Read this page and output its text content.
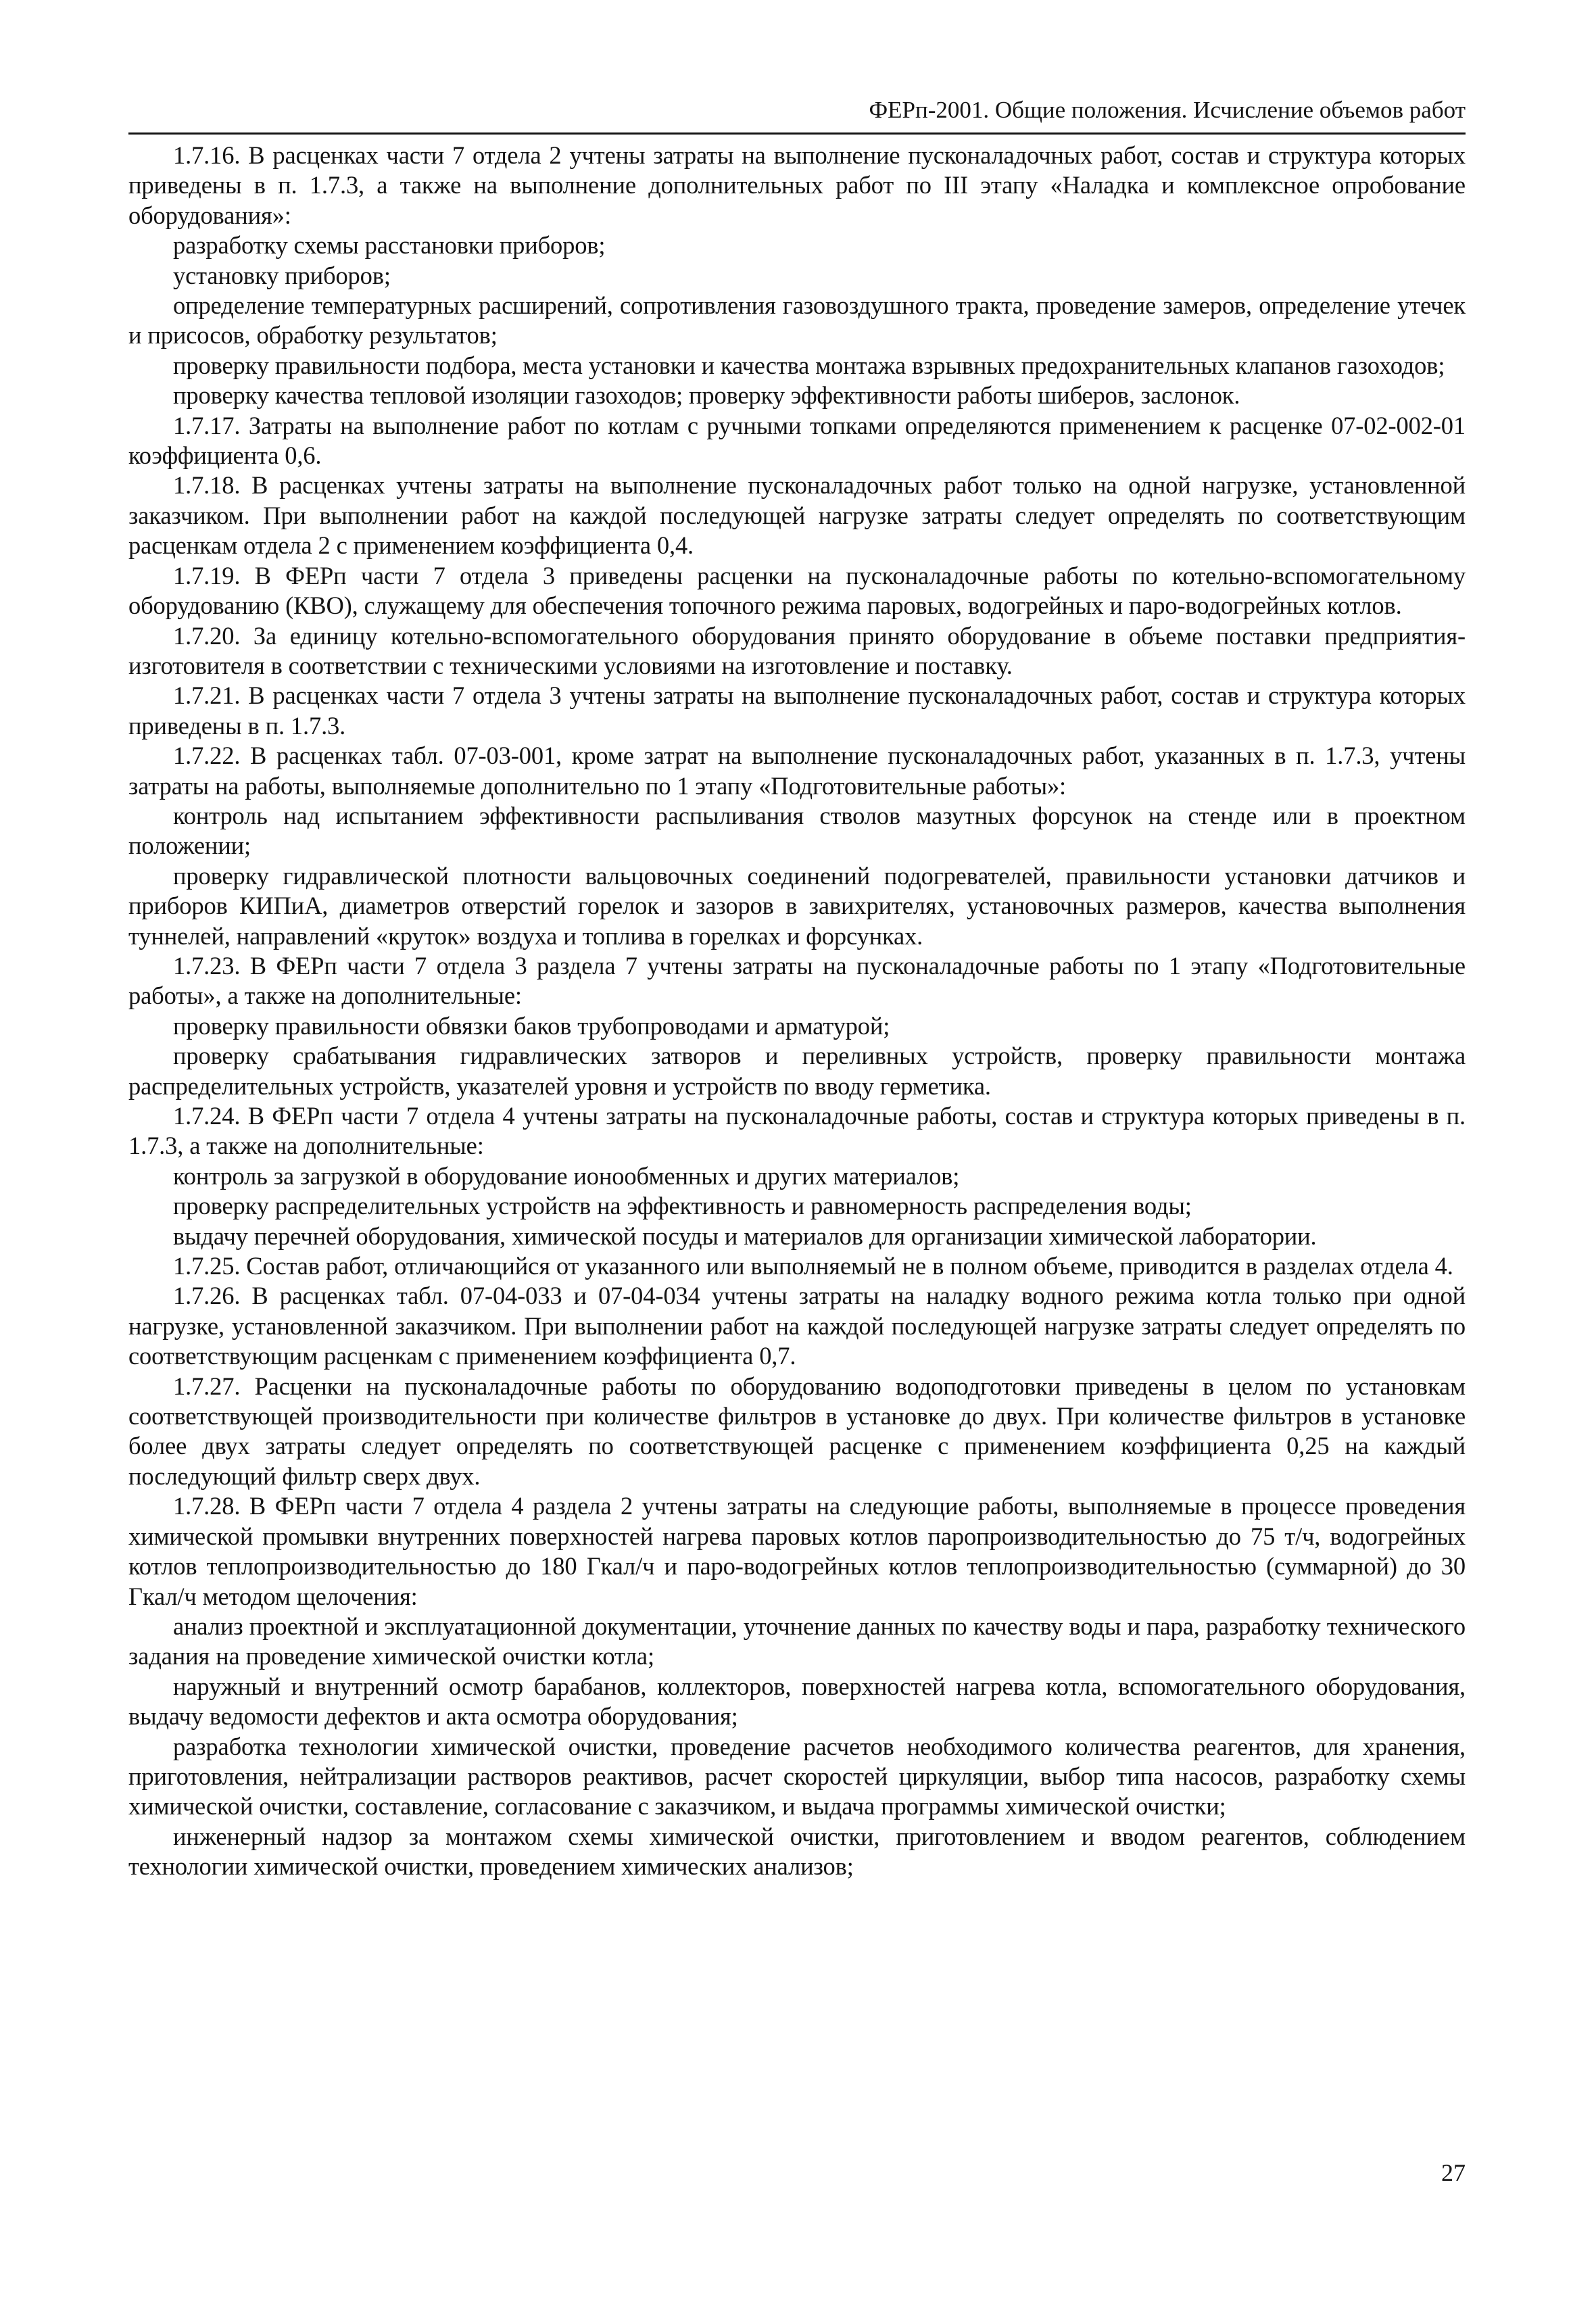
ФЕРп-2001. Общие положения. Исчисление объемов работ

1.7.16. В расценках части 7 отдела 2 учтены затраты на выполнение пусконаладочных работ, состав и структура которых приведены в п. 1.7.3, а также на выполнение дополнительных работ по III этапу «Наладка и комплексное опробование оборудования»:

разработку схемы расстановки приборов;

установку приборов;

определение температурных расширений, сопротивления газовоздушного тракта, проведение замеров, определение утечек и присосов, обработку результатов;

проверку правильности подбора, места установки и качества монтажа взрывных предохранительных клапанов газоходов;

проверку качества тепловой изоляции газоходов; проверку эффективности работы шиберов, заслонок.

1.7.17. Затраты на выполнение работ по котлам с ручными топками определяются применением к расценке 07-02-002-01 коэффициента 0,6.

1.7.18. В расценках учтены затраты на выполнение пусконаладочных работ только на одной нагрузке, установленной заказчиком. При выполнении работ на каждой последующей нагрузке затраты следует определять по соответствующим расценкам отдела 2 с применением коэффициента 0,4.

1.7.19. В ФЕРп части 7 отдела 3 приведены расценки на пусконаладочные работы по котельно-вспомогательному оборудованию (КВО), служащему для обеспечения топочного режима паровых, водогрейных и паро-водогрейных котлов.

1.7.20. За единицу котельно-вспомогательного оборудования принято оборудование в объеме поставки предприятия-изготовителя в соответствии с техническими условиями на изготовление и поставку.

1.7.21. В расценках части 7 отдела 3 учтены затраты на выполнение пусконаладочных работ, состав и структура которых приведены в п. 1.7.3.

1.7.22. В расценках табл. 07-03-001, кроме затрат на выполнение пусконаладочных работ, указанных в п. 1.7.3, учтены затраты на работы, выполняемые дополнительно по 1 этапу «Подготовительные работы»:

контроль над испытанием эффективности распыливания стволов мазутных форсунок на стенде или в проектном положении;

проверку гидравлической плотности вальцовочных соединений подогревателей, правильности установки датчиков и приборов КИПиА, диаметров отверстий горелок и зазоров в завихрителях, установочных размеров, качества выполнения туннелей, направлений «круток» воздуха и топлива в горелках и форсунках.

1.7.23. В ФЕРп части 7 отдела 3 раздела 7 учтены затраты на пусконаладочные работы по 1 этапу «Подготовительные работы», а также на дополнительные:

проверку правильности обвязки баков трубопроводами и арматурой;

проверку срабатывания гидравлических затворов и переливных устройств, проверку правильности монтажа распределительных устройств, указателей уровня и устройств по вводу герметика.

1.7.24. В ФЕРп части 7 отдела 4 учтены затраты на пусконаладочные работы, состав и структура которых приведены в п. 1.7.3, а также на дополнительные:

контроль за загрузкой в оборудование ионообменных и других материалов;

проверку распределительных устройств на эффективность и равномерность распределения воды;

выдачу перечней оборудования, химической посуды и материалов для организации химической лаборатории.

1.7.25. Состав работ, отличающийся от указанного или выполняемый не в полном объеме, приводится в разделах отдела 4.

1.7.26. В расценках табл. 07-04-033 и 07-04-034 учтены затраты на наладку водного режима котла только при одной нагрузке, установленной заказчиком. При выполнении работ на каждой последующей нагрузке затраты следует определять по соответствующим расценкам с применением коэффициента 0,7.

1.7.27. Расценки на пусконаладочные работы по оборудованию водоподготовки приведены в целом по установкам соответствующей производительности при количестве фильтров в установке до двух. При количестве фильтров в установке более двух затраты следует определять по соответствующей расценке с применением коэффициента 0,25 на каждый последующий фильтр сверх двух.

1.7.28. В ФЕРп части 7 отдела 4 раздела 2 учтены затраты на следующие работы, выполняемые в процессе проведения химической промывки внутренних поверхностей нагрева паровых котлов паропроизводительностью до 75 т/ч, водогрейных котлов теплопроизводительностью до 180 Гкал/ч и паро-водогрейных котлов теплопроизводительностью (суммарной) до 30 Гкал/ч методом щелочения:

анализ проектной и эксплуатационной документации, уточнение данных по качеству воды и пара, разработку технического задания на проведение химической очистки котла;

наружный и внутренний осмотр барабанов, коллекторов, поверхностей нагрева котла, вспомогательного оборудования, выдачу ведомости дефектов и акта осмотра оборудования;

разработка технологии химической очистки, проведение расчетов необходимого количества реагентов, для хранения, приготовления, нейтрализации растворов реактивов, расчет скоростей циркуляции, выбор типа насосов, разработку схемы химической очистки, составление, согласование с заказчиком, и выдача программы химической очистки;

инженерный надзор за монтажом схемы химической очистки, приготовлением и вводом реагентов, соблюдением технологии химической очистки, проведением химических анализов;

27
